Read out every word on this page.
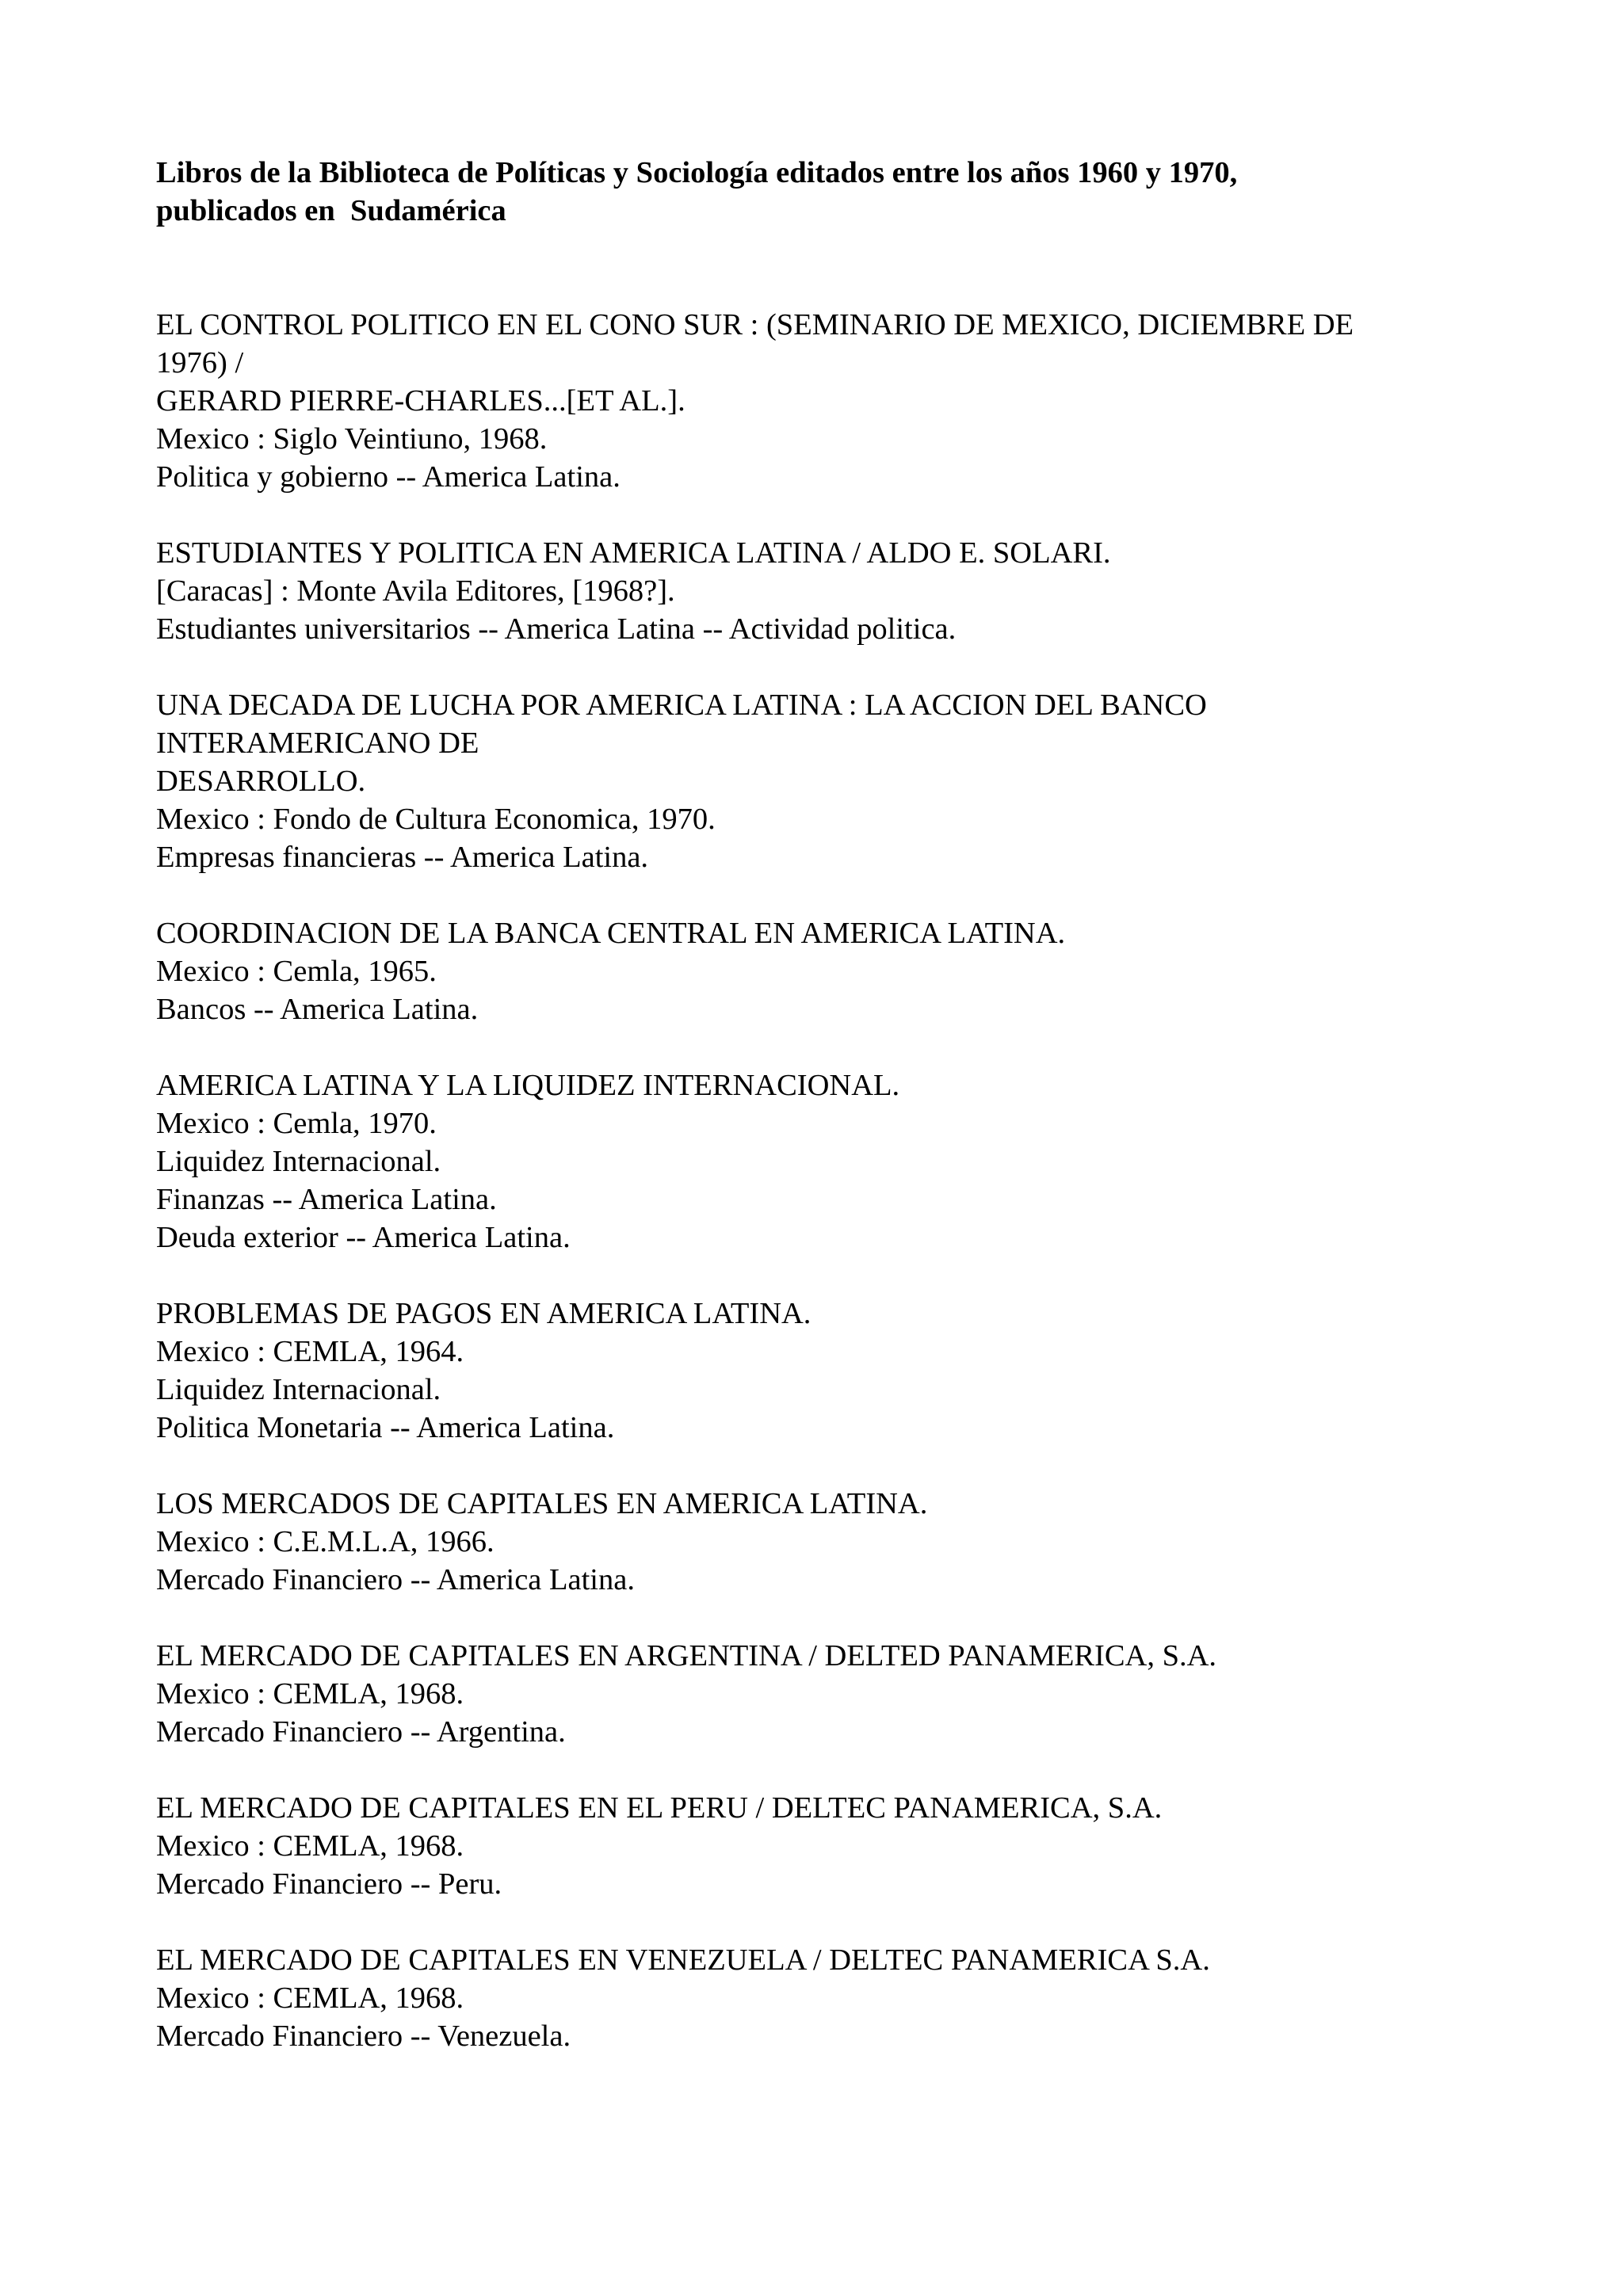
Libros de la Biblioteca de Políticas y Sociología editados entre los años 1960 y 1970,
publicados en  Sudamérica
EL CONTROL POLITICO EN EL CONO SUR : (SEMINARIO DE MEXICO, DICIEMBRE DE
1976) /
GERARD PIERRE-CHARLES...[ET AL.].
Mexico : Siglo Veintiuno, 1968.
Politica y gobierno -- America Latina.
ESTUDIANTES Y POLITICA EN AMERICA LATINA / ALDO E. SOLARI.
[Caracas] : Monte Avila Editores, [1968?].
Estudiantes universitarios -- America Latina -- Actividad politica.
UNA DECADA DE LUCHA POR AMERICA LATINA : LA ACCION DEL BANCO
INTERAMERICANO DE
DESARROLLO.
Mexico : Fondo de Cultura Economica, 1970.
Empresas financieras -- America Latina.
COORDINACION DE LA BANCA CENTRAL EN AMERICA LATINA.
Mexico : Cemla, 1965.
Bancos -- America Latina.
AMERICA LATINA Y LA LIQUIDEZ INTERNACIONAL.
Mexico : Cemla, 1970.
Liquidez Internacional.
Finanzas -- America Latina.
Deuda exterior -- America Latina.
PROBLEMAS DE PAGOS EN AMERICA LATINA.
Mexico : CEMLA, 1964.
Liquidez Internacional.
Politica Monetaria -- America Latina.
LOS MERCADOS DE CAPITALES EN AMERICA LATINA.
Mexico : C.E.M.L.A, 1966.
Mercado Financiero -- America Latina.
EL MERCADO DE CAPITALES EN ARGENTINA / DELTED PANAMERICA, S.A.
Mexico : CEMLA, 1968.
Mercado Financiero -- Argentina.
EL MERCADO DE CAPITALES EN EL PERU / DELTEC PANAMERICA, S.A.
Mexico : CEMLA, 1968.
Mercado Financiero -- Peru.
EL MERCADO DE CAPITALES EN VENEZUELA / DELTEC PANAMERICA S.A.
Mexico : CEMLA, 1968.
Mercado Financiero -- Venezuela.
